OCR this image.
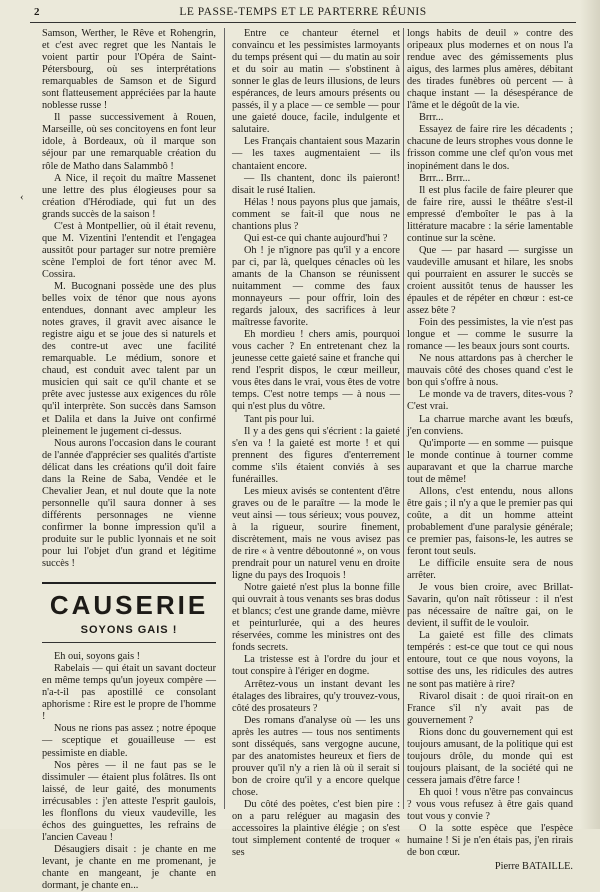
2	LE PASSE-TEMPS ET LE PARTERRE RÉUNIS
‹

Samson, Werther, le Rêve et Rohengrin, et c'est avec regret que les Nantais le voient partir pour l'Opéra de Saint-Pétersbourg, où ses interprétations remarquables de Samson et de Sigurd sont flatteusement appréciées par la haute noblesse russe !

Il passe successivement à Rouen, Marseille, où ses concitoyens en font leur idole, à Bordeaux, où il marque son séjour par une remarquable création du rôle de Matho dans Salammbô !

A Nice, il reçoit du maître Massenet une lettre des plus élogieuses pour sa création d'Hérodiade, qui fut un des grands succès de la saison !

C'est à Montpellier, où il était revenu, que M. Vizentini l'entendit et l'engagea aussitôt pour partager sur notre première scène l'emploi de fort ténor avec M. Cossira.

M. Bucognani possède une des plus belles voix de ténor que nous ayons entendues, donnant avec ampleur les notes graves, il gravit avec aisance le registre aigu et se joue des si naturels et des contre-ut avec une facilité remarquable. Le médium, sonore et chaud, est conduit avec talent par un musicien qui sait ce qu'il chante et se prête avec justesse aux exigences du rôle qu'il interprète. Son succès dans Samson et Dalila et dans la Juive ont confirmé pleinement le jugement ci-dessus.

Nous aurons l'occasion dans le courant de l'année d'apprécier ses qualités d'artiste délicat dans les créations qu'il doit faire dans la Reine de Saba, Vendée et le Chevalier Jean, et nul doute que la note personnelle qu'il saura donner à ses différents personnages ne vienne confirmer la bonne impression qu'il a produite sur le public lyonnais et ne soit pour lui l'objet d'un grand et légitime succès !

CAUSERIE
SOYONS GAIS !

Eh oui, soyons gais !

Rabelais — qui était un savant docteur en même temps qu'un joyeux compère — n'a-t-il pas apostillé ce consolant aphorisme : Rire est le propre de l'homme !

Nous ne rions pas assez ; notre époque — sceptique et gouailleuse — est pessimiste en diable.

Nos pères — il ne faut pas se le dissimuler — étaient plus folâtres. Ils ont laissé, de leur gaité, des monuments irrécusables : j'en atteste l'esprit gaulois, les flonflons du vieux vaudeville, les échos des guinguettes, les refrains de l'ancien Caveau !

Désaugiers disait : je chante en me levant, je chante en me promenant, je chante en mangeant, je chante en dormant, je chante en...

Entre ce chanteur éternel et convaincu et les pessimistes larmoyants du temps présent qui — du matin au soir et du soir au matin — s'obstinent à sonner le glas de leurs illusions, de leurs espérances, de leurs amours présents ou passés, il y a place — ce semble — pour une gaieté douce, facile, indulgente et salutaire.

Les Français chantaient sous Mazarin — les taxes augmentaient — ils chantaient encore.

— Ils chantent, donc ils paieront! disait le rusé Italien.

Hélas ! nous payons plus que jamais, comment se fait-il que nous ne chantions plus ?

Qui est-ce qui chante aujourd'hui ?

Oh ! je n'ignore pas qu'il y a encore par ci, par là, quelques cénacles où les amants de la Chanson se réunissent nuitamment — comme des faux monnayeurs — pour offrir, loin des regards jaloux, des sacrifices à leur maîtresse favorite.

Eh mordieu ! chers amis, pourquoi vous cacher ? En entretenant chez la jeunesse cette gaieté saine et franche qui rend l'esprit dispos, le cœur meilleur, vous êtes dans le vrai, vous êtes de votre temps. C'est notre temps — à nous — qui n'est plus du vôtre.

Tant pis pour lui.

Il y a des gens qui s'écrient : la gaieté s'en va ! la gaieté est morte ! et qui prennent des figures d'enterrement comme s'ils étaient conviés à ses funérailles.

Les mieux avisés se contentent d'être graves ou de le paraître — la mode le veut ainsi — tous sérieux; vous pouvez, à la rigueur, sourire finement, discrètement, mais ne vous avisez pas de rire « à ventre déboutonné », on vous prendrait pour un naturel venu en droite ligne du pays des Iroquois !

Notre gaieté n'est plus la bonne fille qui ouvrait à tous venants ses bras dodus et blancs; c'est une grande dame, mièvre et peinturlurée, qui a des heures réservées, comme les ministres ont des fonds secrets.

La tristesse est à l'ordre du jour et tout conspire à l'ériger en dogme.

Arrêtez-vous un instant devant les étalages des libraires, qu'y trouvez-vous, côté des prosateurs ?

Des romans d'analyse où — les uns après les autres — tous nos sentiments sont disséqués, sans vergogne aucune, par des anatomistes heureux et fiers de prouver qu'il n'y a rien là où il serait si bon de croire qu'il y a encore quelque chose.

Du côté des poètes, c'est bien pire : on a paru reléguer au magasin des accessoires la plaintive élégie ; on s'est tout simplement contenté de troquer « ses

longs habits de deuil » contre des oripeaux plus modernes et on nous l'a rendue avec des gémissements plus aigus, des larmes plus amères, débitant des tirades funèbres où percent — à chaque instant — la désespérance de l'âme et le dégoût de la vie.

Brrr...

Essayez de faire rire les décadents ; chacune de leurs strophes vous donne le frisson comme une clef qu'on vous met inopinément dans le dos.

Brrr... Brrr...

Il est plus facile de faire pleurer que de faire rire, aussi le théâtre s'est-il empressé d'emboîter le pas à la littérature macabre : la série lamentable continue sur la scène.

Que — par hasard — surgisse un vaudeville amusant et hilare, les snobs qui pourraient en assurer le succès se croient aussitôt tenus de hausser les épaules et de répéter en chœur : est-ce assez bête ?

Foin des pessimistes, la vie n'est pas longue et — comme le susurre la romance — les beaux jours sont courts.

Ne nous attardons pas à chercher le mauvais côté des choses quand c'est le bon qui s'offre à nous.

Le monde va de travers, dites-vous ? C'est vrai.

La charrue marche avant les bœufs, j'en conviens.

Qu'importe — en somme — puisque le monde continue à tourner comme auparavant et que la charrue marche tout de même!

Allons, c'est entendu, nous allons être gais ; il n'y a que le premier pas qui coûte, a dit un homme atteint probablement d'une paralysie générale; ce premier pas, faisons-le, les autres se feront tout seuls.

Le difficile ensuite sera de nous arrêter.

Je vous bien croire, avec Brillat-Savarin, qu'on naît rôtisseur : il n'est pas nécessaire de naître gai, on le devient, il suffit de le vouloir.

La gaieté est fille des climats tempérés : est-ce que tout ce qui nous entoure, tout ce que nous voyons, la sottise des uns, les ridicules des autres ne sont pas matière à rire?

Rivarol disait : de quoi rirait-on en France s'il n'y avait pas de gouvernement ?

Rions donc du gouvernement qui est toujours amusant, de la politique qui est toujours drôle, du monde qui est toujours plaisant, de la société qui ne cessera jamais d'être farce !

Eh quoi ! vous n'être pas convaincus ? vous vous refusez à être gais quand tout vous y convie ?

O la sotte espèce que l'espèce humaine ! Si je n'en étais pas, j'en rirais de bon cœur.

Pierre BATAILLE.
